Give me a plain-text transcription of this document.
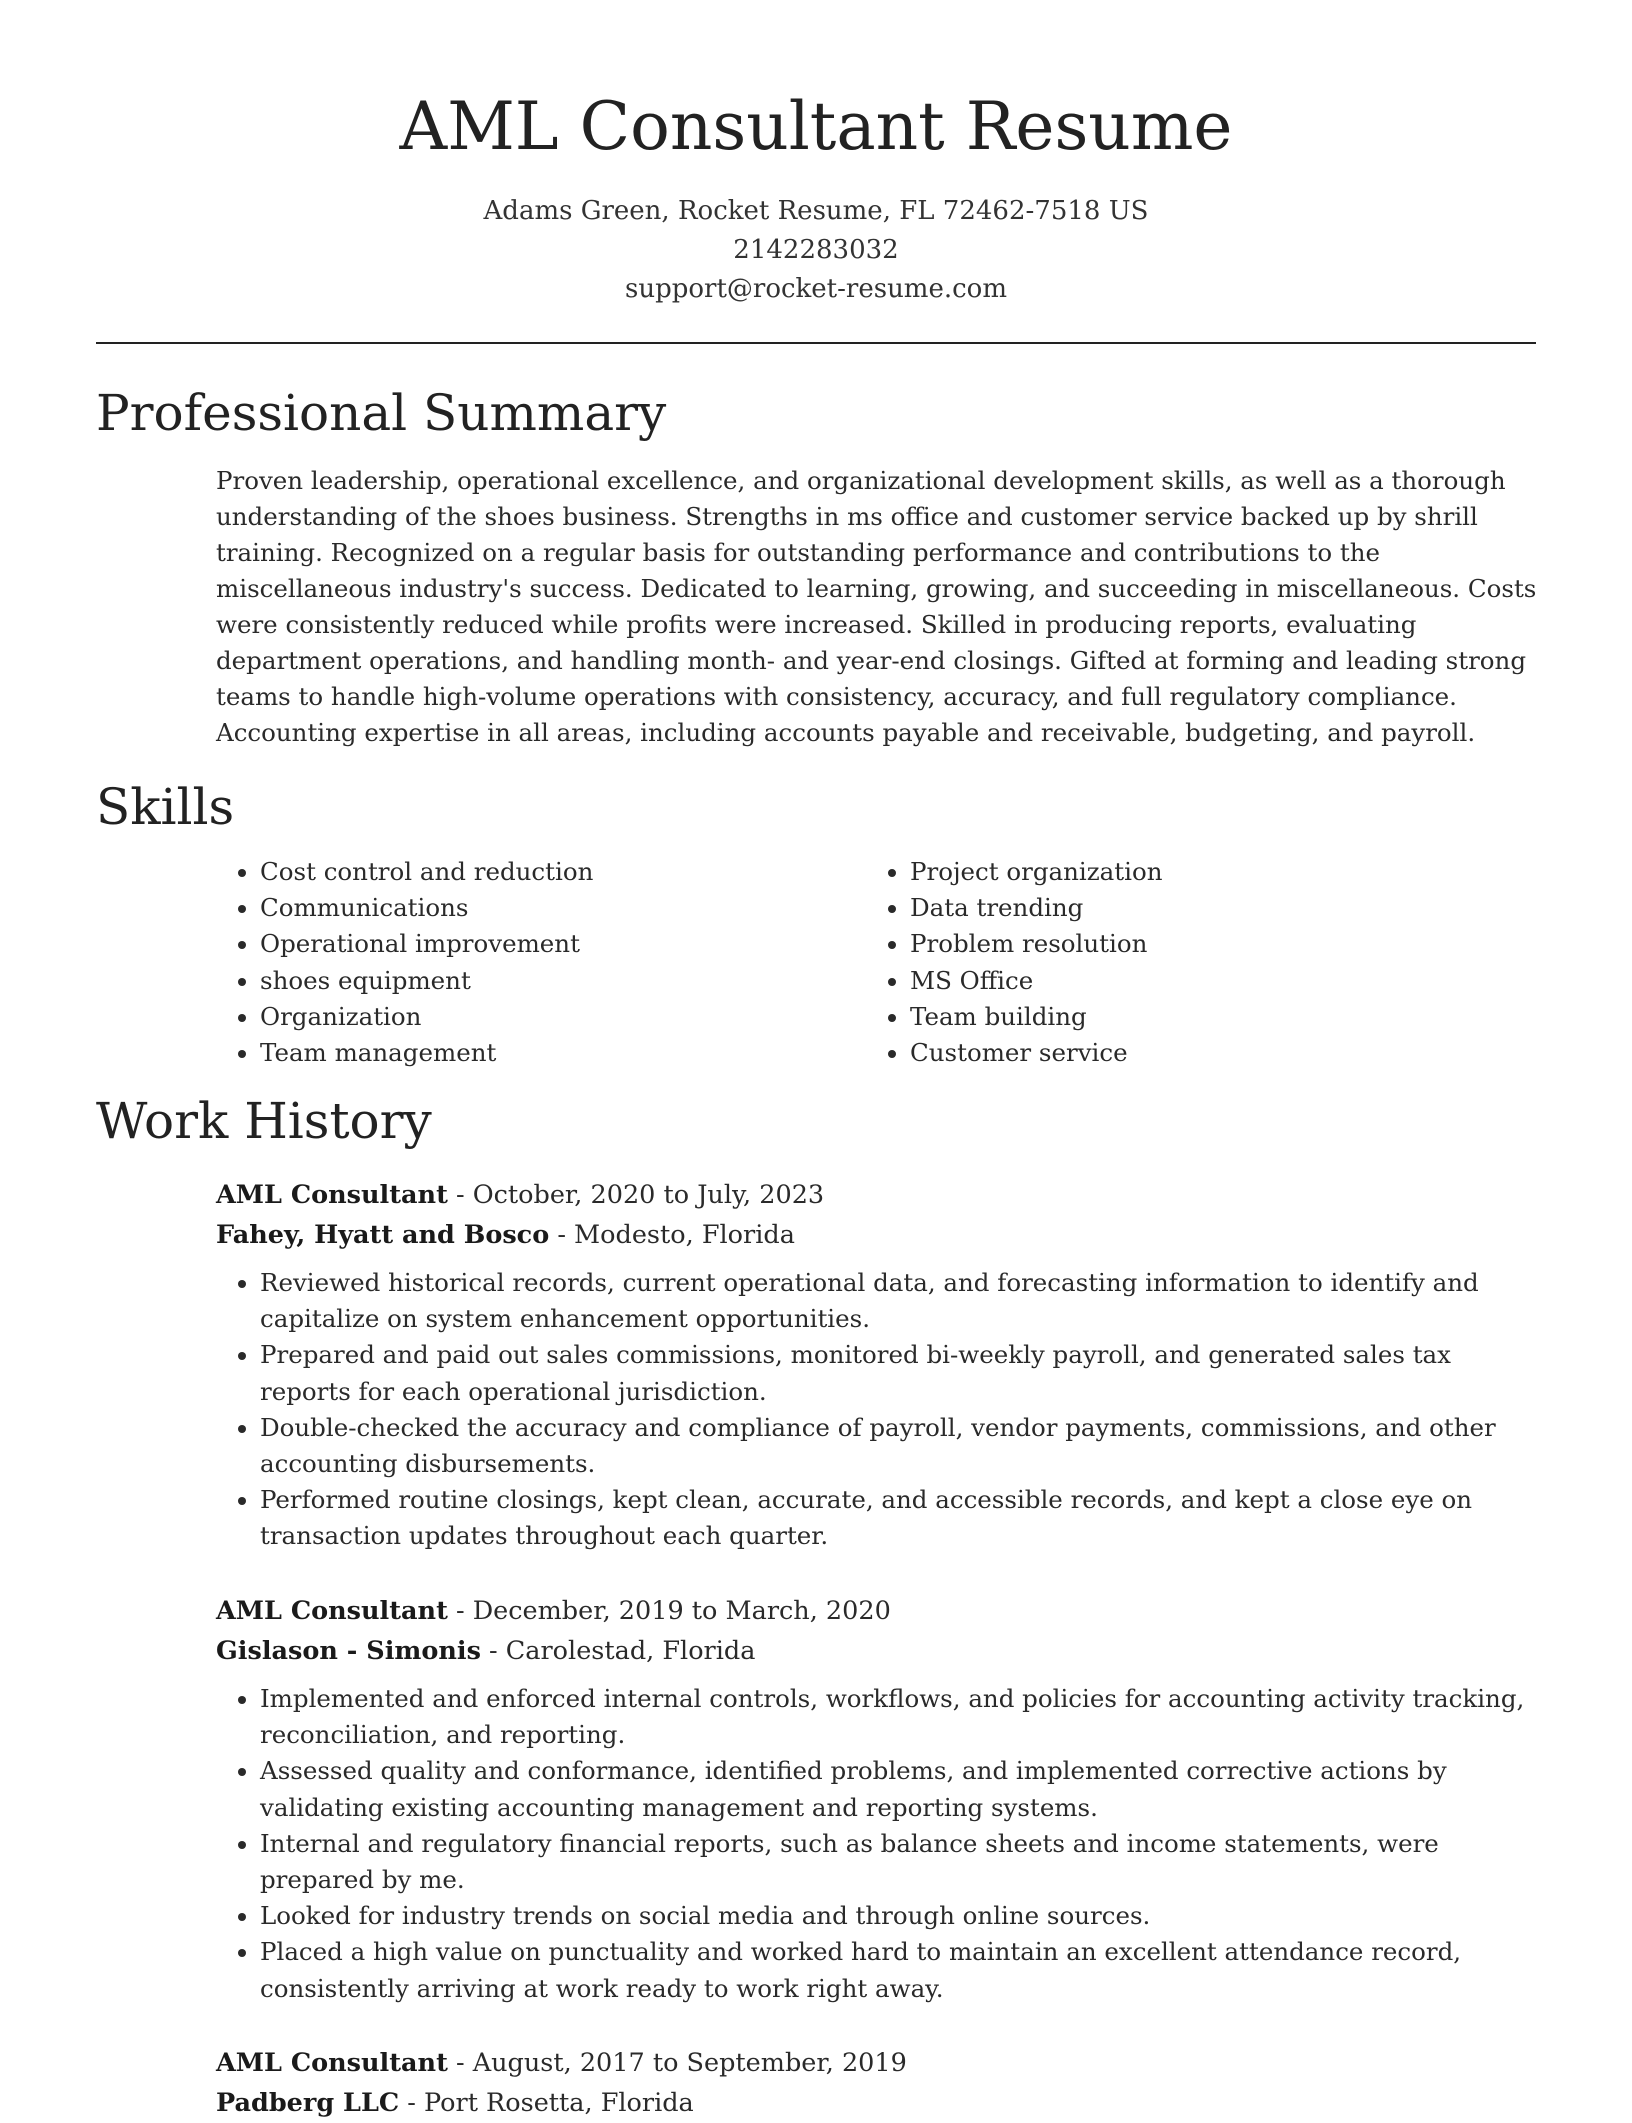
AML Consultant Resume
Adams Green, Rocket Resume, FL 72462-7518 US
2142283032
support@rocket-resume.com
Professional Summary

Proven leadership, operational excellence, and organizational development skills, as well as a thorough understanding of the shoes business. Strengths in ms office and customer service backed up by shrill training. Recognized on a regular basis for outstanding performance and contributions to the miscellaneous industry's success. Dedicated to learning, growing, and succeeding in miscellaneous. Costs were consistently reduced while profits were increased. Skilled in producing reports, evaluating department operations, and handling month- and year-end closings. Gifted at forming and leading strong teams to handle high-volume operations with consistency, accuracy, and full regulatory compliance. Accounting expertise in all areas, including accounts payable and receivable, budgeting, and payroll.

Skills
• Cost control and reduction
• Communications
• Operational improvement
• shoes equipment
• Organization
• Team management
• Project organization
• Data trending
• Problem resolution
• MS Office
• Team building
• Customer service
Work History
AML Consultant - October, 2020 to July, 2023
Fahey, Hyatt and Bosco - Modesto, Florida
• Reviewed historical records, current operational data, and forecasting information to identify and capitalize on system enhancement opportunities.
• Prepared and paid out sales commissions, monitored bi-weekly payroll, and generated sales tax reports for each operational jurisdiction.
• Double-checked the accuracy and compliance of payroll, vendor payments, commissions, and other accounting disbursements.
• Performed routine closings, kept clean, accurate, and accessible records, and kept a close eye on transaction updates throughout each quarter.
AML Consultant - December, 2019 to March, 2020
Gislason - Simonis - Carolestad, Florida
• Implemented and enforced internal controls, workflows, and policies for accounting activity tracking, reconciliation, and reporting.
• Assessed quality and conformance, identified problems, and implemented corrective actions by validating existing accounting management and reporting systems.
• Internal and regulatory financial reports, such as balance sheets and income statements, were prepared by me.
• Looked for industry trends on social media and through online sources.
• Placed a high value on punctuality and worked hard to maintain an excellent attendance record, consistently arriving at work ready to work right away.
AML Consultant - August, 2017 to September, 2019
Padberg LLC - Port Rosetta, Florida
